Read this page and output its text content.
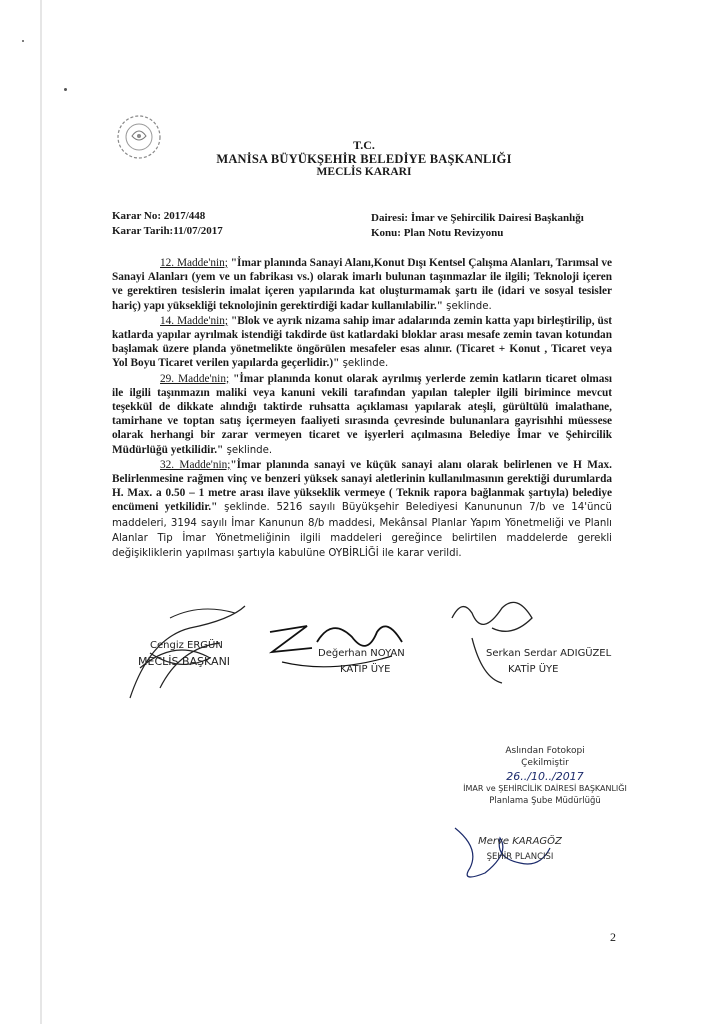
T.C.
MANİSA BÜYÜKŞEHİR BELEDİYE BAŞKANLIĞI
MECLİS KARARI
Karar No: 2017/448
Karar Tarih:11/07/2017
Dairesi: İmar ve Şehircilik Dairesi Başkanlığı
Konu: Plan Notu Revizyonu

12. Madde'nin; "İmar planında Sanayi Alanı,Konut Dışı Kentsel Çalışma Alanları, Tarımsal ve Sanayi Alanları (yem ve un fabrikası vs.) olarak imarlı bulunan taşınmazlar ile ilgili; Teknoloji içeren ve gerektiren tesislerin imalat içeren yapılarında kat oluşturmamak şartı ile (idari ve sosyal tesisler hariç) yapı yüksekliği teknolojinin gerektirdiği kadar kullanılabilir." şeklinde.

14. Madde'nin; "Blok ve ayrık nizama sahip imar adalarında zemin katta yapı birleştirilip, üst katlarda yapılar ayrılmak istendiği takdirde üst katlardaki bloklar arası mesafe zemin tavan kotundan başlamak üzere planda yönetmelikte öngörülen mesafeler esas alınır. (Ticaret + Konut , Ticaret veya Yol Boyu Ticaret verilen yapılarda geçerlidir.)" şeklinde.

29. Madde'nin; "İmar planında konut olarak ayrılmış yerlerde zemin katların ticaret olması ile ilgili taşınmazın maliki veya kanuni vekili tarafından yapılan talepler ilgili birimince mevcut teşekkül de dikkate alındığı taktirde ruhsatta açıklaması yapılarak ateşli, gürültülü imalathane, tamirhane ve toptan satış içermeyen faaliyeti sırasında çevresinde bulunanlara gayrisıhhi müessese olarak herhangi bir zarar vermeyen ticaret ve işyerleri açılmasına Belediye İmar ve Şehircilik Müdürlüğü yetkilidir." şeklinde.

32. Madde'nin;"İmar planında sanayi ve küçük sanayi alanı olarak belirlenen ve H Max. Belirlenmesine rağmen vinç ve benzeri yüksek sanayi aletlerinin kullanılmasının gerektiği durumlarda H. Max. a 0.50 – 1 metre arası ilave yükseklik vermeye ( Teknik rapora bağlanmak şartıyla) belediye encümeni yetkilidir." şeklinde. 5216 sayılı Büyükşehir Belediyesi Kanununun 7/b ve 14'üncü maddeleri, 3194 sayılı İmar Kanunun 8/b maddesi, Mekânsal Planlar Yapım Yönetmeliği ve Planlı Alanlar Tip İmar Yönetmeliğinin ilgili maddeleri gereğince belirtilen maddelerde gerekli değişikliklerin yapılması şartıyla kabulüne OYBİRLİĞİ ile karar verildi.

Cengiz ERGÜN
MECLİS BAŞKANI
Değerhan NOYAN
KATİP ÜYE
Serkan Serdar ADIGÜZEL
KATİP ÜYE
Aslından Fotokopi
Çekilmiştir
26../10../2017
İMAR ve ŞEHİRCİLİK DAİRESİ BAŞKANLIĞI
Planlama Şube Müdürlüğü
Merve KARAGÖZ
ŞEHİR PLANCISI
2
